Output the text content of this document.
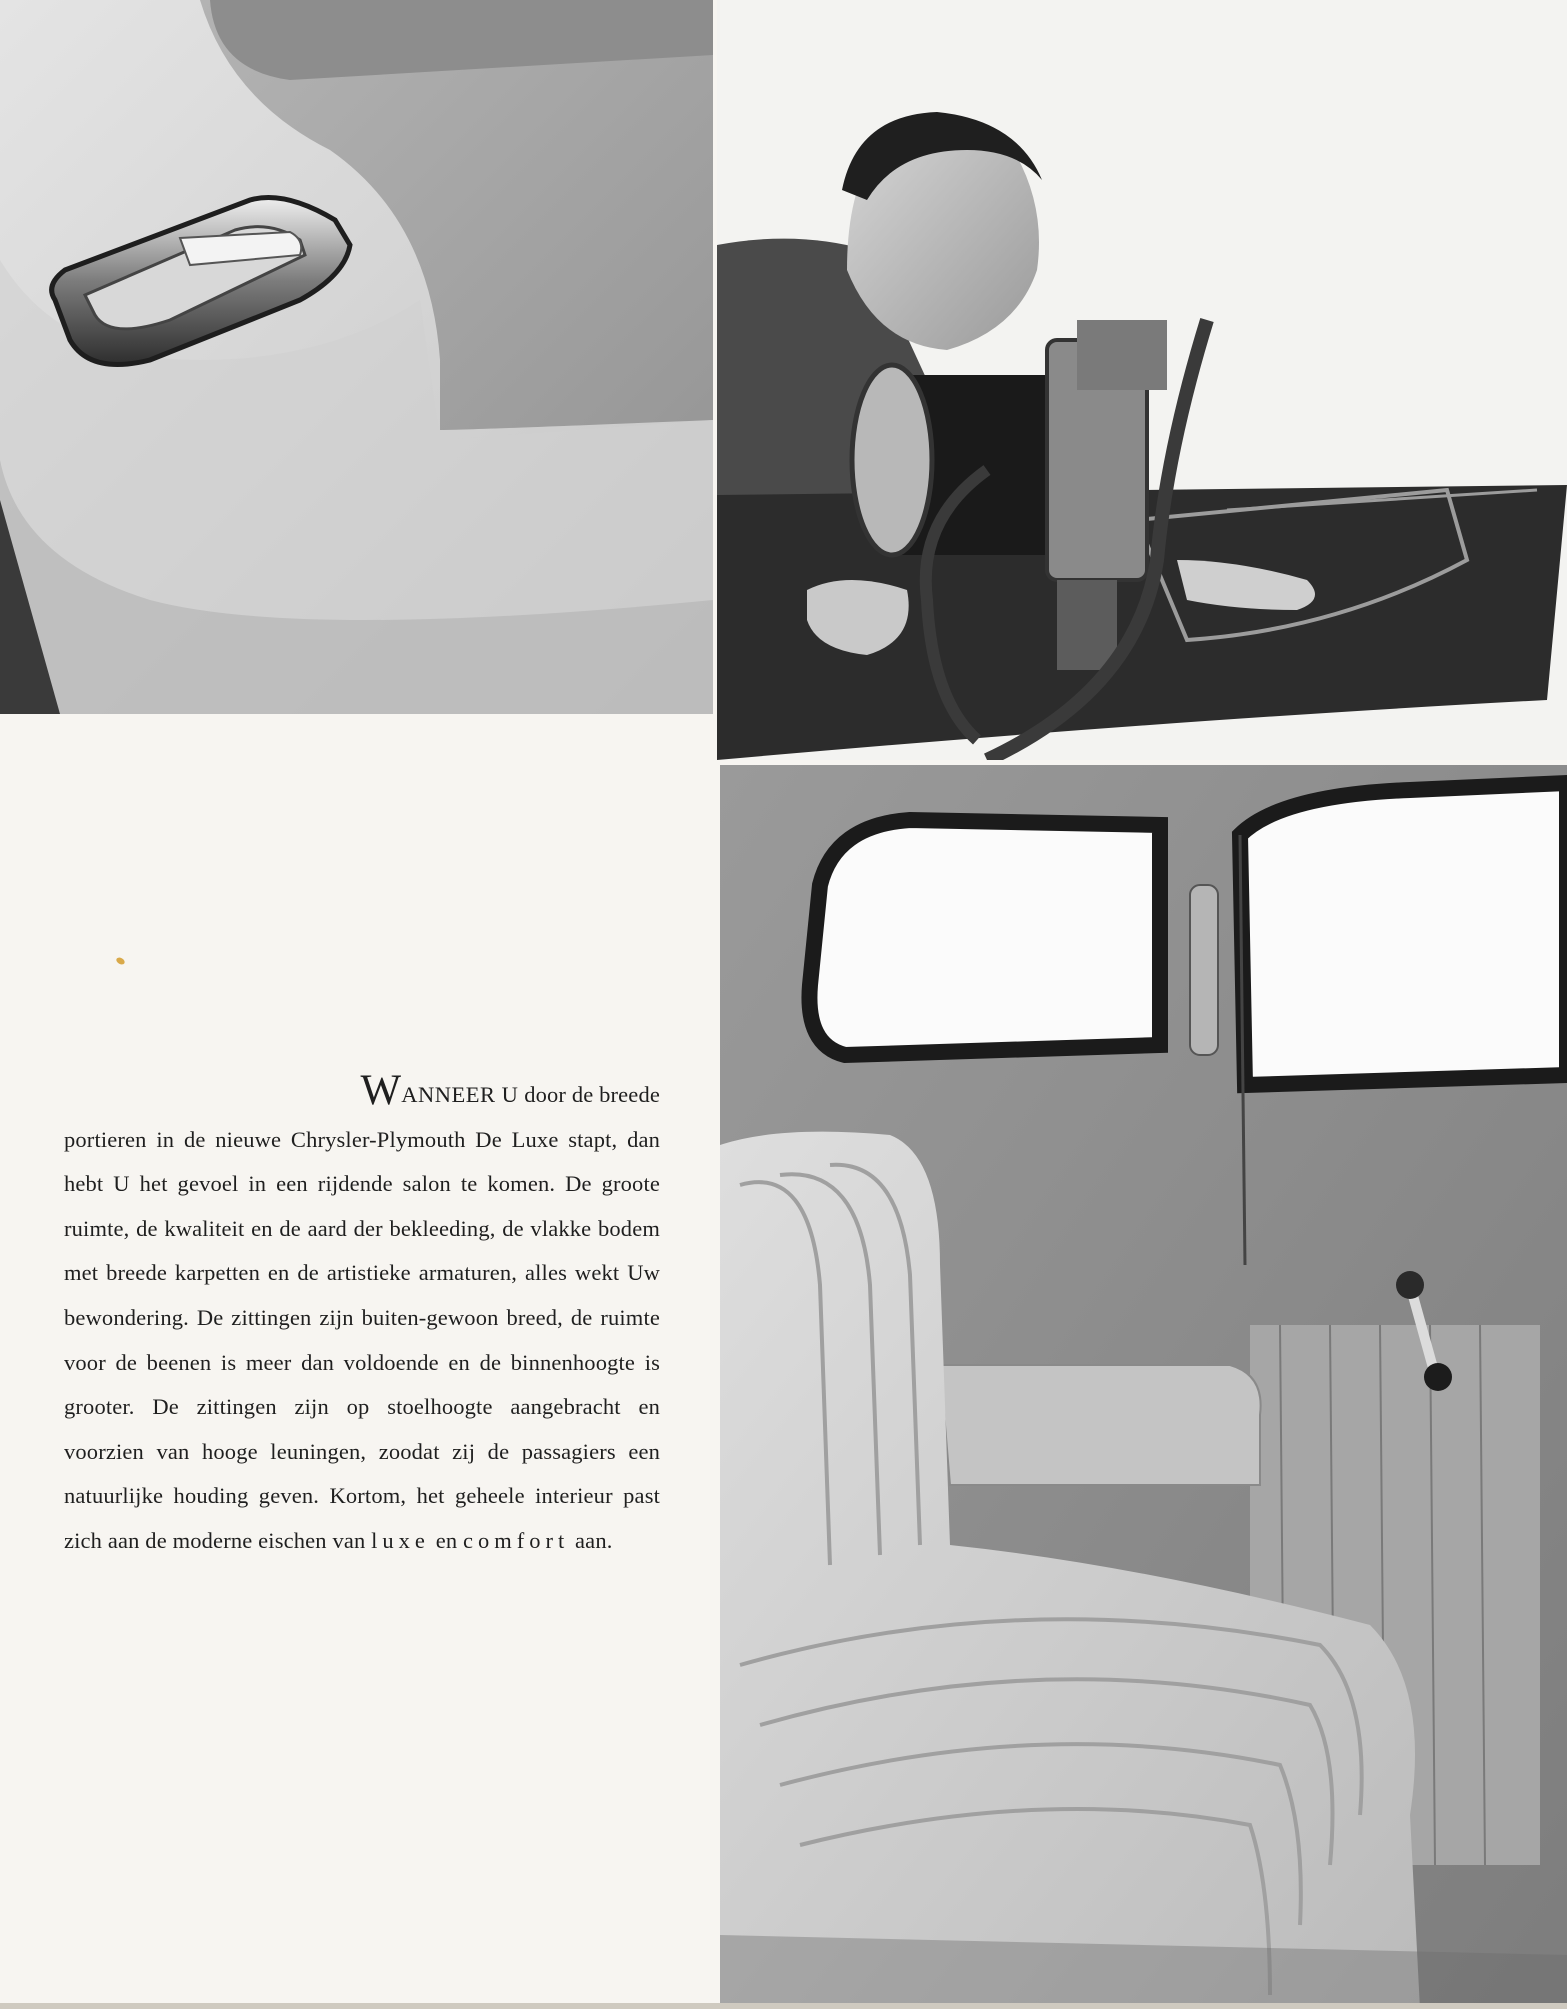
WANNEER U door de breede
portieren in de nieuwe Chrysler-Plymouth De Luxe stapt, dan hebt U het gevoel in een rijdende salon te komen. De groote ruimte, de kwaliteit en de aard der bekleeding, de vlakke bodem met breede karpetten en de artistieke armaturen, alles wekt Uw bewondering. De zittingen zijn buiten-gewoon breed, de ruimte voor de beenen is meer dan voldoende en de binnenhoogte is grooter. De zittingen zijn op stoelhoogte aangebracht en voorzien van hooge leuningen, zoodat zij de passagiers een natuurlijke houding geven. Kortom, het geheele interieur past zich aan de moderne eischen van luxe en comfort aan.
